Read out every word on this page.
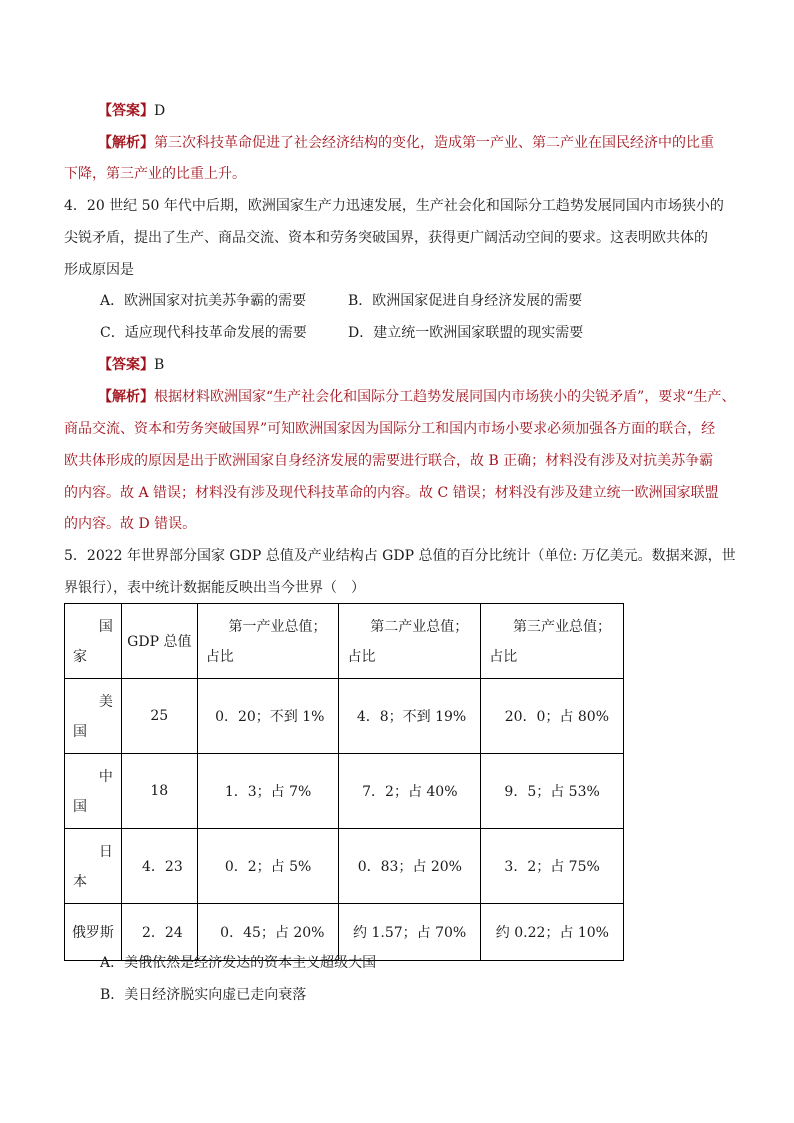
【答案】D
【解析】第三次科技革命促进了社会经济结构的变化，造成第一产业、第二产业在国民经济中的比重
下降，第三产业的比重上升。
4．20 世纪 50 年代中后期，欧洲国家生产力迅速发展，生产社会化和国际分工趋势发展同国内市场狭小的
尖锐矛盾，提出了生产、商品交流、资本和劳务突破国界，获得更广阔活动空间的要求。这表明欧共体的
形成原因是
A．欧洲国家对抗美苏争霸的需要	B．欧洲国家促进自身经济发展的需要
C．适应现代科技革命发展的需要	D．建立统一欧洲国家联盟的现实需要
【答案】B
【解析】根据材料欧洲国家“生产社会化和国际分工趋势发展同国内市场狭小的尖锐矛盾”，要求“生产、
商品交流、资本和劳务突破国界”可知欧洲国家因为国际分工和国内市场小要求必须加强各方面的联合，经
欧共体形成的原因是出于欧洲国家自身经济发展的需要进行联合，故 B 正确；材料没有涉及对抗美苏争霸
的内容。故 A 错误；材料没有涉及现代科技革命的内容。故 C 错误；材料没有涉及建立统一欧洲国家联盟
的内容。故 D 错误。
5．2022 年世界部分国家 GDP 总值及产业结构占 GDP 总值的百分比统计（单位: 万亿美元。数据来源，世
界银行），表中统计数据能反映出当今世界（　）
国
家	GDP 总值	第一产业总值；
占比	第二产业总值；
占比	第三产业总值；
占比

美
国	25	0．20；不到 1%	4．8；不到 19%	20．0；占 80%

中
国	18	1．3；占 7%	7．2；占 40%	9．5；占 53%

日
本	4．23	0．2；占 5%	0．83；占 20%	3．2；占 75%
俄罗斯	2．24	0．45；占 20%	约 1.57；占 70%	约 0.22；占 10%
A．美俄依然是经济发达的资本主义超级大国
B．美日经济脱实向虚已走向衰落
